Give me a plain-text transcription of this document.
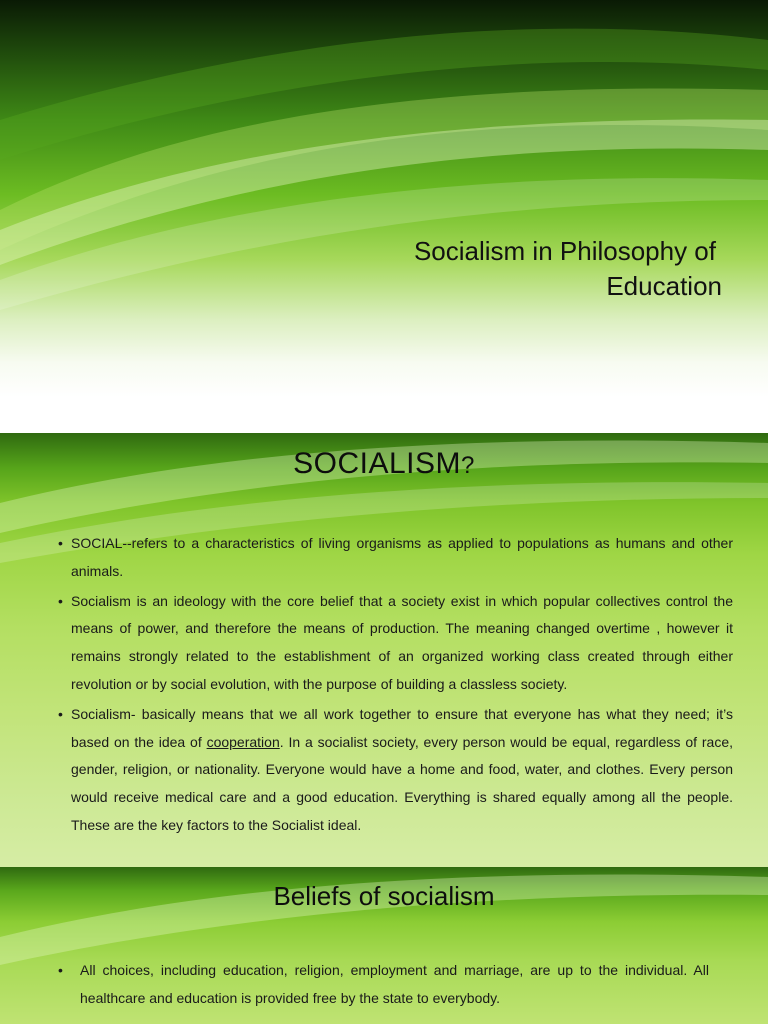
Socialism in Philosophy of
Education
SOCIALISM?
• SOCIAL--refers to a characteristics of living organisms as applied to populations as humans and other animals.
• Socialism is an ideology with the core belief that a society exist in which popular collectives control the means of power, and therefore the means of production. The meaning changed overtime , however it remains strongly related to the establishment of an organized working class created through either revolution or by social evolution, with the purpose of building a classless society.
• Socialism- basically means that we all work together to ensure that everyone has what they need; it’s based on the idea of cooperation. In a socialist society, every person would be equal, regardless of race, gender, religion, or nationality. Everyone would have a home and food, water, and clothes. Every person would receive medical care and a good education. Everything is shared equally among all the people. These are the key factors to the Socialist ideal.
Beliefs of socialism
• All choices, including education, religion, employment and marriage, are up to the individual. All healthcare and education is provided free by the state to everybody.
